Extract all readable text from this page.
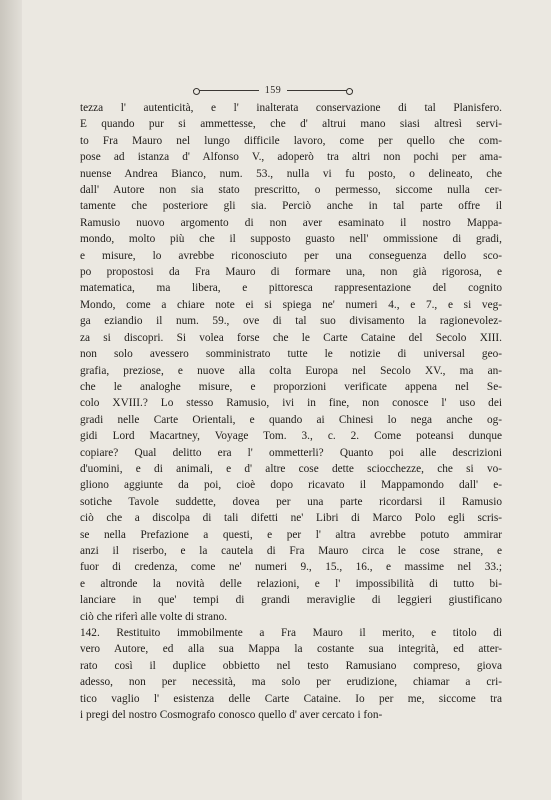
159
tezza l' autenticità, e l' inalterata conservazione di tal Planisfero.
E quando pur si ammettesse, che d' altrui mano siasi altresì servi-
to Fra Mauro nel lungo difficile lavoro, come per quello che com-
pose ad istanza d' Alfonso V., adoperò tra altri non pochi per ama-
nuense Andrea Bianco, num. 53., nulla vi fu posto, o delineato, che
dall' Autore non sia stato prescritto, o permesso, siccome nulla cer-
tamente che posteriore gli sia. Perciò anche in tal parte offre il
Ramusio nuovo argomento di non aver esaminato il nostro Mappa-
mondo, molto più che il supposto guasto nell' ommissione di gradi,
e misure, lo avrebbe riconosciuto per una conseguenza dello sco-
po propostosi da Fra Mauro di formare una, non già rigorosa, e
matematica, ma libera, e pittoresca rappresentazione del cognito
Mondo, come a chiare note ei si spiega ne' numeri 4., e 7., e si veg-
ga eziandio il num. 59., ove di tal suo divisamento la ragionevolez-
za si discopri. Si volea forse che le Carte Cataine del Secolo XIII.
non solo avessero somministrato tutte le notizie di universal geo-
grafia, preziose, e nuove alla colta Europa nel Secolo XV., ma an-
che le analoghe misure, e proporzioni verificate appena nel Se-
colo XVIII.? Lo stesso Ramusio, ivi in fine, non conosce l' uso dei
gradi nelle Carte Orientali, e quando ai Chinesi lo nega anche og-
gidi Lord Macartney, Voyage Tom. 3., c. 2. Come poteansi dunque
copiare? Qual delitto era l' ommetterli? Quanto poi alle descrizioni
d'uomini, e di animali, e d' altre cose dette sciocchezze, che si vo-
gliono aggiunte da poi, cioè dopo ricavato il Mappamondo dall' e-
sotiche Tavole suddette, dovea per una parte ricordarsi il Ramusio
ciò che a discolpa di tali difetti ne' Libri di Marco Polo egli scris-
se nella Prefazione a questi, e per l' altra avrebbe potuto ammirar
anzi il riserbo, e la cautela di Fra Mauro circa le cose strane, e
fuor di credenza, come ne' numeri 9., 15., 16., e massime nel 33.;
e altronde la novità delle relazioni, e l' impossibilità di tutto bi-
lanciare in que' tempi di grandi meraviglie di leggieri giustificano
ciò che riferì alle volte di strano.
142. Restituito immobilmente a Fra Mauro il merito, e titolo di
vero Autore, ed alla sua Mappa la costante sua integrità, ed atter-
rato così il duplice obbietto nel testo Ramusiano compreso, giova
adesso, non per necessità, ma solo per erudizione, chiamar a cri-
tico vaglio l' esistenza delle Carte Cataine. Io per me, siccome tra
i pregi del nostro Cosmografo conosco quello d' aver cercato i fon-
